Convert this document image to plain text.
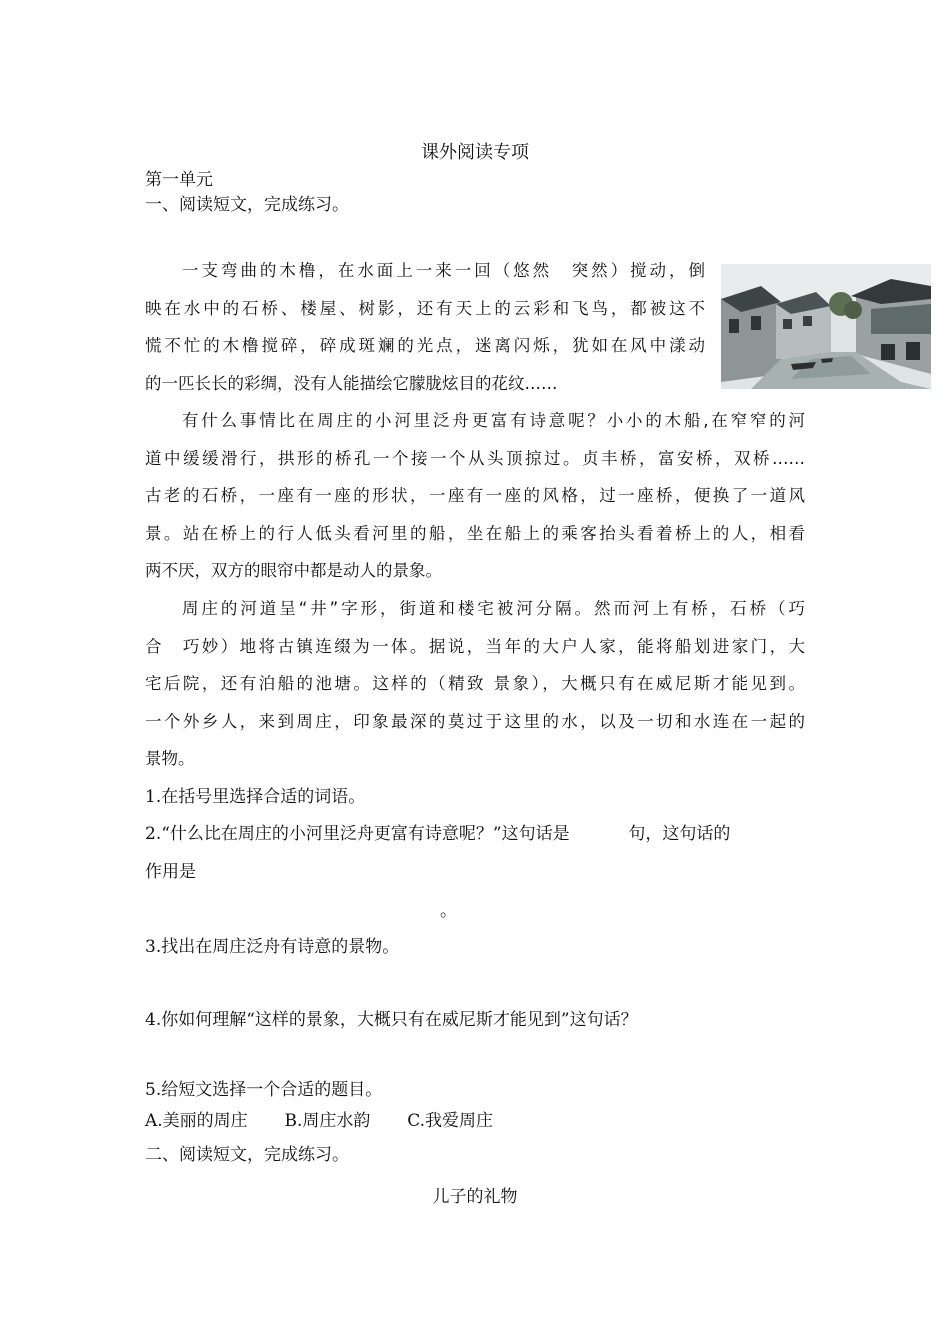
课外阅读专项
第一单元
一、阅读短文，完成练习。
一支弯曲的木橹，在水面上一来一回（悠然　突然）搅动，倒
映在水中的石桥、楼屋、树影，还有天上的云彩和飞鸟，都被这不
慌不忙的木橹搅碎，碎成斑斓的光点，迷离闪烁，犹如在风中漾动
的一匹长长的彩绸，没有人能描绘它朦胧炫目的花纹……
有什么事情比在周庄的小河里泛舟更富有诗意呢？小小的木船,在窄窄的河
道中缓缓滑行，拱形的桥孔一个接一个从头顶掠过。贞丰桥，富安桥，双桥……
古老的石桥，一座有一座的形状，一座有一座的风格，过一座桥，便换了一道风
景。站在桥上的行人低头看河里的船，坐在船上的乘客抬头看着桥上的人，相看
两不厌，双方的眼帘中都是动人的景象。
周庄的河道呈“井”字形，街道和楼宅被河分隔。然而河上有桥，石桥（巧
合　巧妙）地将古镇连缀为一体。据说，当年的大户人家，能将船划进家门，大
宅后院，还有泊船的池塘。这样的（精致 景象），大概只有在威尼斯才能见到。
一个外乡人，来到周庄，印象最深的莫过于这里的水，以及一切和水连在一起的
景物。
1.在括号里选择合适的词语。
2.“什么比在周庄的小河里泛舟更富有诗意呢？”这句话是	句，这句话的
作用是
。
3.找出在周庄泛舟有诗意的景物。
4.你如何理解“这样的景象，大概只有在威尼斯才能见到”这句话？
5.给短文选择一个合适的题目。
A.美丽的周庄 B.周庄水韵 C.我爱周庄
二、阅读短文，完成练习。
儿子的礼物
